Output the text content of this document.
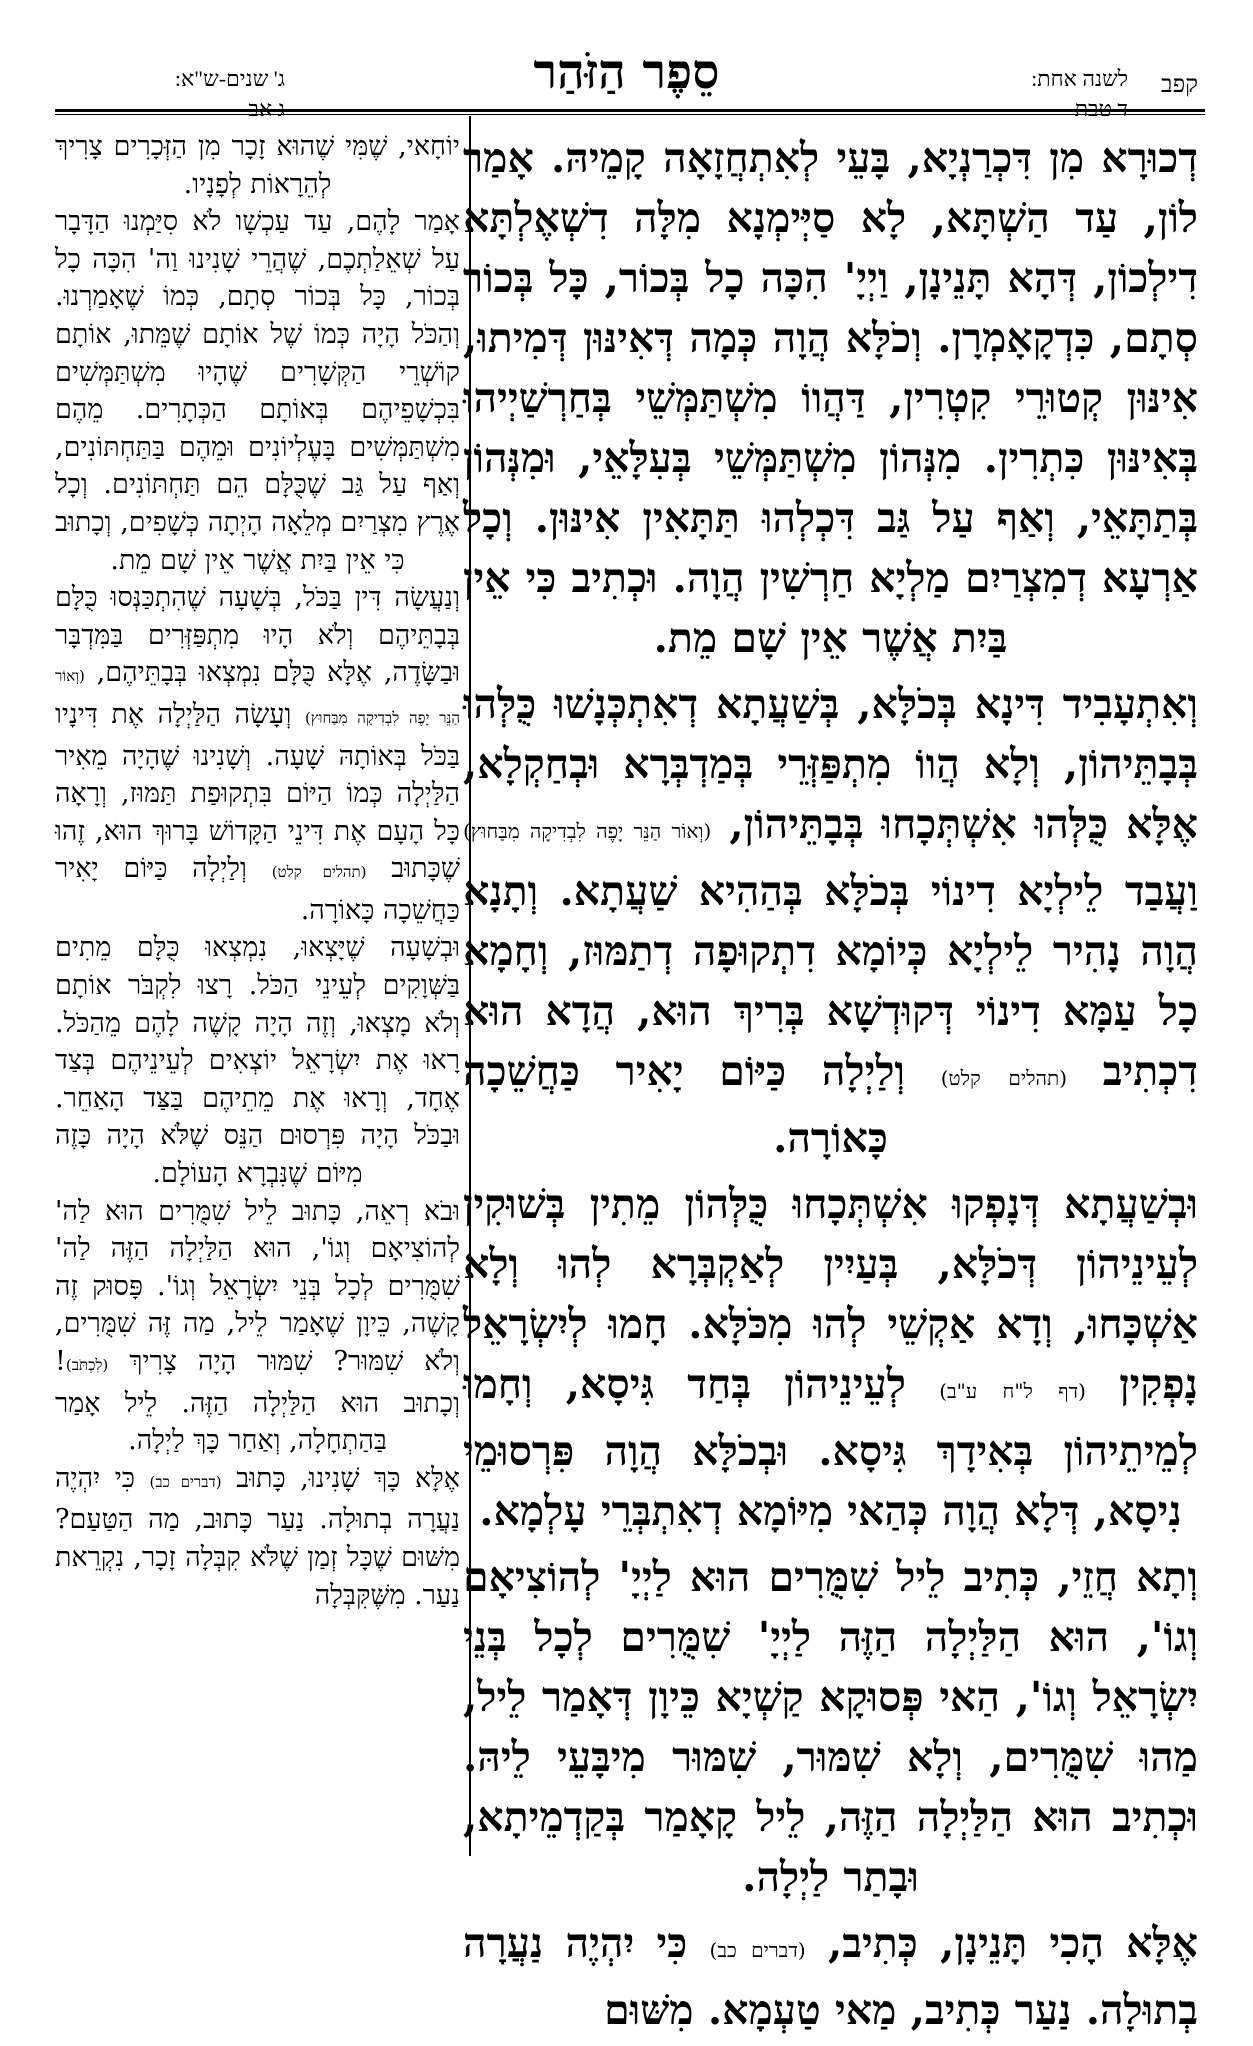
קפב
לשנה אחת:
סֵפֶר הַזֹּהַר
ג' שנים-ש"א:

דְכוּרָא מִן דִּכְרַנְיָא, בָּעֵי לְאִתְחֲזָאָה קָמֵיהּ. אָמַר לוֹן, עַד הַשְׁתָּא, לָא סַיְּימְנָא מִלָּה דִשְׁאֶלְתָּא דִילְכוֹן, דְּהָא תָּנֵינָן, וַיְיָ' הִכָּה כָל בְּכוֹר, כָּל בְּכוֹר סְתָם, כִּדְקָאָמְרָן. וְכֹלָּא הֲוָה כְּמָה דְּאִינּוּן דְּמִיתוּ, אִינּוּן קְטוּרֵי קִטְרִין, דַּהֲווֹ מִשְׁתַּמְּשֵׁי בְּחַרְשַׁיְיהוּ בְּאִינּוּן כִּתְרִין. מִנְּהוֹן מִשְׁתַּמְּשֵׁי בְּעִלָּאֵי, וּמִנְּהוֹן בְּתַתָּאֵי, וְאַף עַל גַּב דִּכְלְהוּ תַּתָּאִין אִינּוּן. וְכָל אַרְעָא דְמִצְרַיִם מַלְיָא חַרְשִׁין הֲוָה. וּכְתִיב כִּי אֵין בַּיִת אֲשֶׁר אֵין שָׁם מֵת.

וְאִתְעָבִיד דִּינָא בְּכֹלָּא, בְּשַׁעֲתָא דְאִתְכְּנָשׁוּ כֻּלְּהוּ בְּבָתֵּיהוֹן, וְלָא הֲווֹ מִתְפַּזְּרֵי בְּמַדְבְּרָא וּבְחַקְלָא, אֶלָּא כֻּלְּהוּ אִשְׁתְּכָחוּ בְּבָתֵּיהוֹן, (וְאוֹר הַנֵּר יָפֶה לִבְדִיקָה מִבַּחוּץ) וַעֲבַד לֵילְיָא דִינוֹי בְּכֹלָּא בְּהַהִיא שַׁעֲתָא. וְתָנָא הֲוָה נָהִיר לֵילְיָא כְּיוֹמָא דִתְקוּפָה דְתַמּוּז, וְחָמָא כָל עַמָּא דִינוֹי דְּקוּדְשָׁא בְּרִיךְ הוּא, הֲדָא הוּא דִכְתִיב (תהלים קלט) וְלַיְלָה כַּיּוֹם יָאִיר כַּחֲשֵׁכָה כָּאוֹרָה.

וּבְשַׁעֲתָא דְּנָפְקוּ אִשְׁתְּכָחוּ כֻּלְּהוֹן מֵתִין בְּשׁוּקִין לְעֵינֵיהוֹן דְּכֹלָּא, בְּעַיִין לְאַקְבְּרָא לְהוּ וְלָא אַשְׁכָּחוּ, וְדָא אַקְשֵׁי לְהוּ מִכֹּלָּא. חָמוּ לְיִשְׂרָאֵל נָפְקִין (דף ל"ח ע"ב) לְעֵינֵיהוֹן בְּחַד גִּיסָא, וְחָמוּ לְמֵיתֵיהוֹן בְּאִידָךְ גִּיסָא. וּבְכֹלָּא הֲוָה פִּרְסוּמֵי נִיסָא, דְּלָא הֲוָה כְּהַאי מִיּוֹמָא דְאִתְבְּרֵי עָלְמָא.

וְתָא חֲזֵי, כְּתִיב לֵיל שִׁמֻּרִים הוּא לַיְיָ' לְהוֹצִיאָם וְגוֹ', הוּא הַלַּיְלָה הַזֶּה לַיְיָ' שִׁמֻּרִים לְכָל בְּנֵי יִשְׂרָאֵל וְגוֹ', הַאי פְּסוּקָא קַשְׁיָא כֵּיוָן דְּאָמַר לֵיל, מַהוּ שִׁמֻּרִים, וְלָא שִׁמּוּר, שִׁמּוּר מִיבָּעֵי לֵיהּ. וּכְתִיב הוּא הַלַּיְלָה הַזֶּה, לֵיל קָאָמַר בְּקַדְמֵיתָא, וּבָתַר לַיְלָה.

אֶלָּא הָכִי תָּנֵינָן, כְּתִיב, (דברים כב) כִּי יִהְיֶה נַעֲרָה בְתוּלָה. נַעַר כְּתִיב, מַאי טַעְמָא. מִשּׁוּם

יוֹחָאי, שֶׁמִּי שֶׁהוּא זָכָר מִן הַזְּכָרִים צָרִיךְ לְהֵרָאוֹת לְפָנָיו.

אָמַר לָהֶם, עַד עַכְשָׁו לֹא סִיַּמְנוּ הַדָּבָר עַל שְׁאֵלַתְכֶם, שֶׁהֲרֵי שָׁנִינוּ וַה' הִכָּה כָל בְּכוֹר, כָּל בְּכוֹר סְתָם, כְּמוֹ שֶׁאָמַרְנוּ. וְהַכֹּל הָיָה כְּמוֹ שֶׁל אוֹתָם שֶׁמֵּתוּ, אוֹתָם קוֹשְׁרֵי הַקְּשָׁרִים שֶׁהָיוּ מִשְׁתַּמְּשִׁים בִּכְשָׁפֵיהֶם בְּאוֹתָם הַכְּתָרִים. מֵהֶם מִשְׁתַּמְּשִׁים בָּעֶלְיוֹנִים וּמֵהֶם בַּתַּחְתּוֹנִים, וְאַף עַל גַּב שֶׁכֻּלָּם הֵם תַּחְתּוֹנִים. וְכָל אֶרֶץ מִצְרַיִם מְלֵאָה הָיְתָה כְּשָׁפִים, וְכָתוּב כִּי אֵין בַּיִת אֲשֶׁר אֵין שָׁם מֵת.

וְנַעֲשָׂה דִּין בַּכֹּל, בְּשָׁעָה שֶׁהִתְכַּנְּסוּ כֻּלָּם בְּבָתֵּיהֶם וְלֹא הָיוּ מִתְפַּזְּרִים בַּמִּדְבָּר וּבַשָּׂדֶה, אֶלָּא כֻּלָּם נִמְצְאוּ בְּבָתֵּיהֶם, (וְאוֹר הַנֵּר יָפֶה לִבְדִיקָה מִבַּחוּץ) וְעָשָׂה הַלַּיְלָה אֶת דִּינָיו בַּכֹּל בְּאוֹתָהּ שָׁעָה. וְשָׁנִינוּ שֶׁהָיָה מֵאִיר הַלַּיְלָה כְּמוֹ הַיּוֹם בִּתְקוּפַת תַּמּוּז, וְרָאָה כָּל הָעָם אֶת דִּינֵי הַקָּדוֹשׁ בָּרוּךְ הוּא, זֶהוּ שֶׁכָּתוּב (תהלים קלט) וְלַיְלָה כַּיּוֹם יָאִיר כַּחֲשֵׁכָה כָּאוֹרָה.

וּבְשָׁעָה שֶׁיָּצְאוּ, נִמְצְאוּ כֻּלָּם מֵתִים בַּשְּׁוָקִים לְעֵינֵי הַכֹּל. רָצוּ לִקְבֹּר אוֹתָם וְלֹא מָצְאוּ, וְזֶה הָיָה קָשֶׁה לָהֶם מֵהַכֹּל. רָאוּ אֶת יִשְׂרָאֵל יוֹצְאִים לְעֵינֵיהֶם בְּצַד אֶחָד, וְרָאוּ אֶת מֵתֵיהֶם בַּצַּד הָאַחֵר. וּבַכֹּל הָיָה פִּרְסוּם הַנֵּס שֶׁלֹּא הָיָה כָּזֶה מִיּוֹם שֶׁנִּבְרָא הָעוֹלָם.

וּבֹא רְאֵה, כָּתוּב לֵיל שִׁמֻּרִים הוּא לַה' לְהוֹצִיאָם וְגוֹ', הוּא הַלַּיְלָה הַזֶּה לַה' שִׁמֻּרִים לְכָל בְּנֵי יִשְׂרָאֵל וְגוֹ'. פָּסוּק זֶה קָשֶׁה, כֵּיוָן שֶׁאָמַר לֵיל, מַה זֶּה שִׁמֻּרִים, וְלֹא שִׁמּוּר? שִׁמּוּר הָיָה צָרִיךְ (לִכְתֹּב)! וְכָתוּב הוּא הַלַּיְלָה הַזֶּה. לֵיל אָמַר בַּהַתְחָלָה, וְאַחַר כָּךְ לַיְלָה.

אֶלָּא כָּךְ שָׁנִינוּ, כָּתוּב (דברים כב) כִּי יִהְיֶה נַעֲרָה בְתוּלָה. נַעַר כָּתוּב, מַה הַטַּעַם? מִשּׁוּם שֶׁכָּל זְמַן שֶׁלֹּא קִבְּלָה זָכָר, נִקְרֵאת נַעַר. מִשֶּׁקִּבְּלָה
